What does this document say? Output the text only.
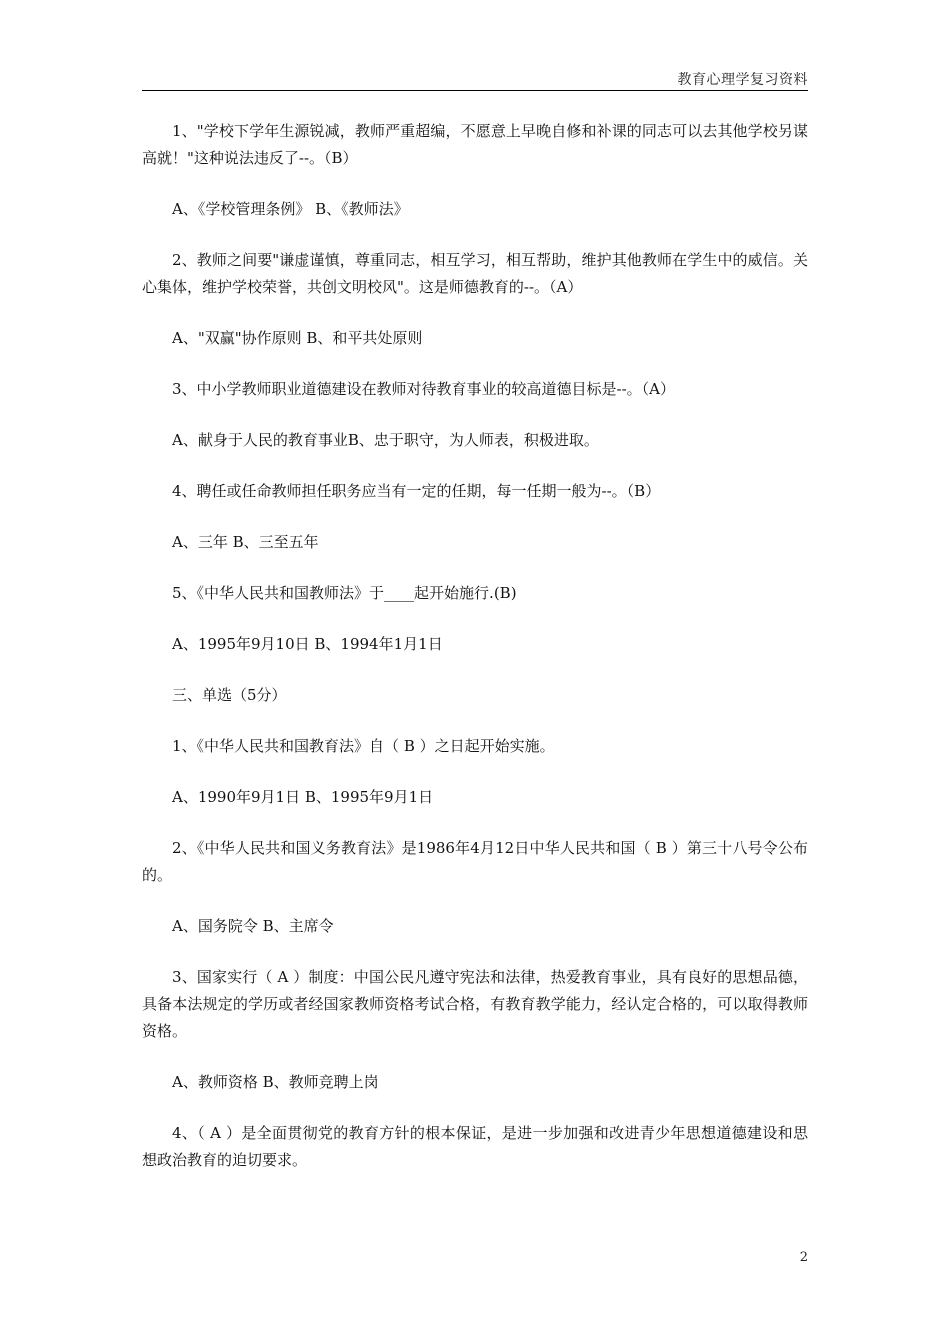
教育心理学复习资料

1、"学校下学年生源锐减，教师严重超编，不愿意上早晚自修和补课的同志可以去其他学校另谋高就！"这种说法违反了--。（B）

A、《学校管理条例》 B、《教师法》

2、教师之间要"谦虚谨慎，尊重同志，相互学习，相互帮助，维护其他教师在学生中的威信。关心集体，维护学校荣誉，共创文明校风"。这是师德教育的--。（A）

A、"双赢"协作原则 B、和平共处原则

3、中小学教师职业道德建设在教师对待教育事业的较高道德目标是--。（A）

A、献身于人民的教育事业B、忠于职守，为人师表，积极进取。

4、聘任或任命教师担任职务应当有一定的任期，每一任期一般为--。（B）

A、三年 B、三至五年

5、《中华人民共和国教师法》于____起开始施行.(B)

A、1995年9月10日 B、1994年1月1日

三、单选（5分）

1、《中华人民共和国教育法》自（ B ）之日起开始实施。

A、1990年9月1日 B、1995年9月1日

2、《中华人民共和国义务教育法》是1986年4月12日中华人民共和国（ B ）第三十八号令公布的。

A、国务院令 B、主席令

3、国家实行（ A ）制度：中国公民凡遵守宪法和法律，热爱教育事业，具有良好的思想品德，具备本法规定的学历或者经国家教师资格考试合格，有教育教学能力，经认定合格的，可以取得教师资格。

A、教师资格 B、教师竞聘上岗

4、（ A ）是全面贯彻党的教育方针的根本保证，是进一步加强和改进青少年思想道德建设和思想政治教育的迫切要求。

2
